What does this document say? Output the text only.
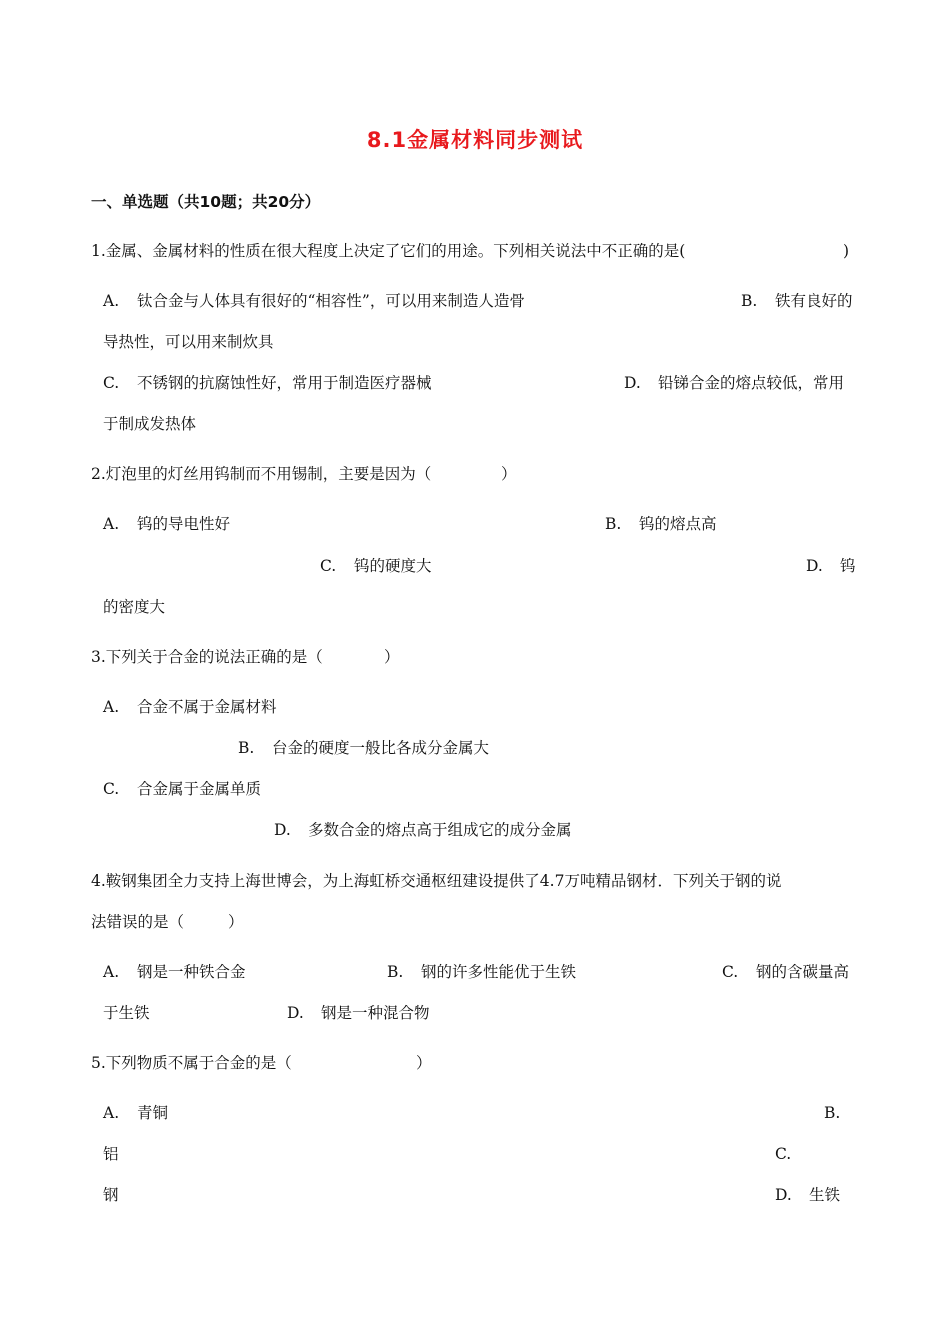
8.1金属材料同步测试
一、单选题（共10题；共20分）
1.金属、金属材料的性质在很大程度上决定了它们的用途。下列相关说法中不正确的是(	)
A. 钛合金与人体具有很好的“相容性”，可以用来制造人造骨	B. 铁有良好的
导热性，可以用来制炊具
C. 不锈钢的抗腐蚀性好，常用于制造医疗器械	D. 铅锑合金的熔点较低，常用
于制成发热体
2.灯泡里的灯丝用钨制而不用锡制，主要是因为（	）
A. 钨的导电性好	B. 钨的熔点高
C. 钨的硬度大	D. 钨
的密度大
3.下列关于合金的说法正确的是（	）
A. 合金不属于金属材料
B. 台金的硬度一般比各成分金属大
C. 合金属于金属单质
D. 多数合金的熔点高于组成它的成分金属
4.鞍钢集团全力支持上海世博会，为上海虹桥交通枢纽建设提供了4.7万吨精品钢材．下列关于钢的说
法错误的是（	）
A. 钢是一种铁合金	B. 钢的许多性能优于生铁	C. 钢的含碳量高
于生铁	D. 钢是一种混合物
5.下列物质不属于合金的是（	）
A. 青铜	B.
铝	C.
钢	D. 生铁
